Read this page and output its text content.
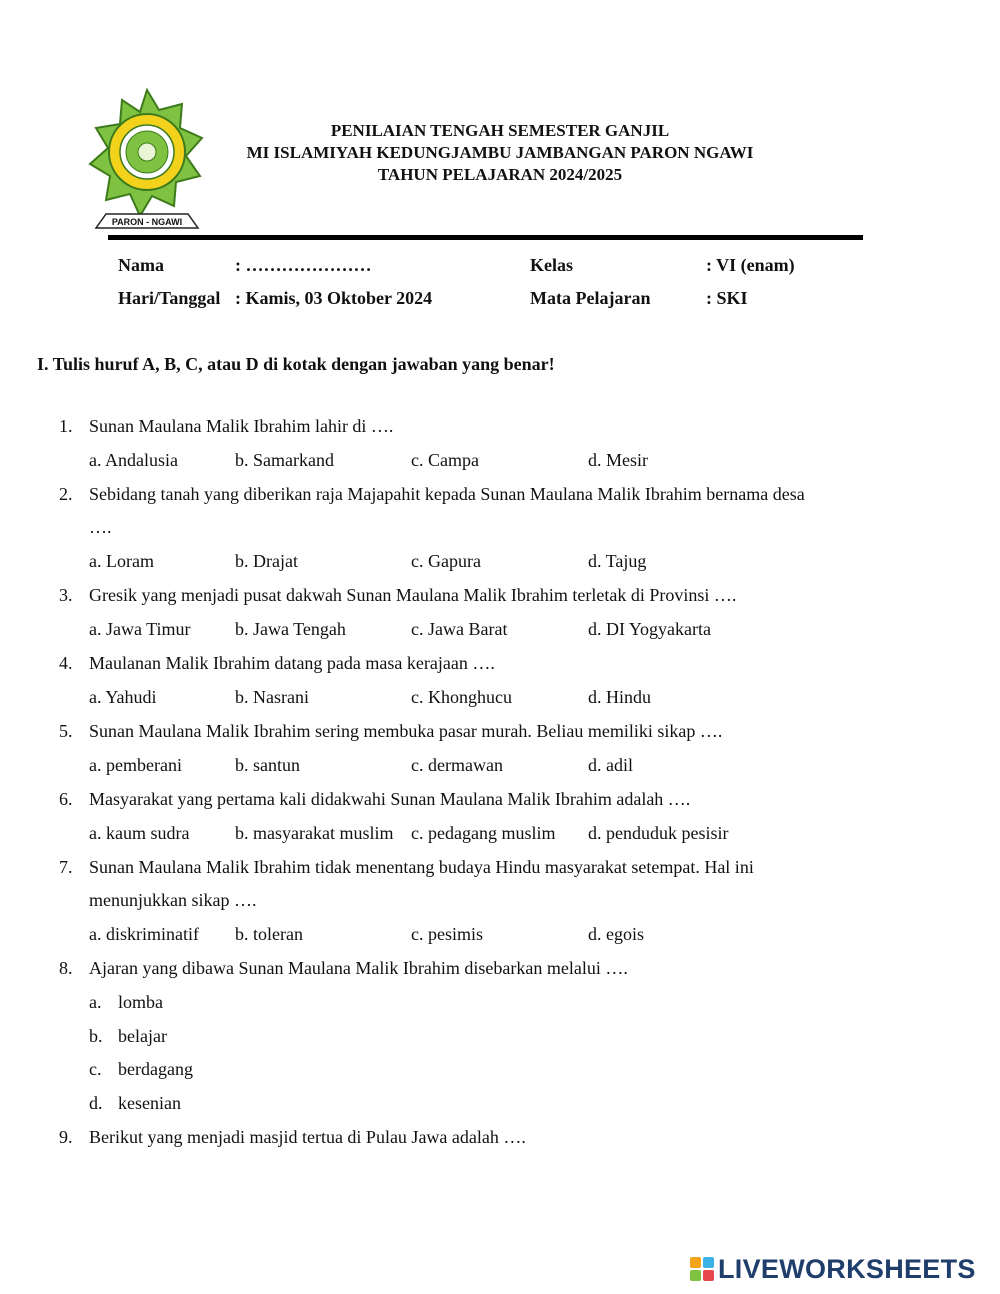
PARON - NGAWI
PENILAIAN TENGAH SEMESTER GANJIL
MI ISLAMIYAH KEDUNGJAMBU JAMBANGAN PARON NGAWI
TAHUN PELAJARAN 2024/2025
Nama	: …………………	Kelas	: VI (enam)
Hari/Tanggal : Kamis, 03 Oktober 2024	Mata Pelajaran	: SKI
I. Tulis huruf A, B, C, atau D di kotak dengan jawaban yang benar!
1. Sunan Maulana Malik Ibrahim lahir di ….
a. Andalusia	b. Samarkand	c. Campa	d. Mesir
2. Sebidang tanah yang diberikan raja Majapahit kepada Sunan Maulana Malik Ibrahim bernama desa
….
a. Loram	b. Drajat	c. Gapura	d. Tajug
3. Gresik yang menjadi pusat dakwah Sunan Maulana Malik Ibrahim terletak di Provinsi ….
a. Jawa Timur b. Jawa Tengah	c. Jawa Barat	d. DI Yogyakarta
4. Maulanan Malik Ibrahim datang pada masa kerajaan ….
a. Yahudi	b. Nasrani	c. Khonghucu	d. Hindu
5. Sunan Maulana Malik Ibrahim sering membuka pasar murah. Beliau memiliki sikap ….
a. pemberani	b. santun	c. dermawan	d. adil
6. Masyarakat yang pertama kali didakwahi Sunan Maulana Malik Ibrahim adalah ….
a. kaum sudra	b. masyarakat muslim c. pedagang muslim d. penduduk pesisir
7. Sunan Maulana Malik Ibrahim tidak menentang budaya Hindu masyarakat setempat. Hal ini
menunjukkan sikap ….
a. diskriminatif b. toleran	c. pesimis	d. egois
8. Ajaran yang dibawa Sunan Maulana Malik Ibrahim disebarkan melalui ….
a. lomba
b. belajar
c. berdagang
d. kesenian
9. Berikut yang menjadi masjid tertua di Pulau Jawa adalah ….
LIVEWORKSHEETS
